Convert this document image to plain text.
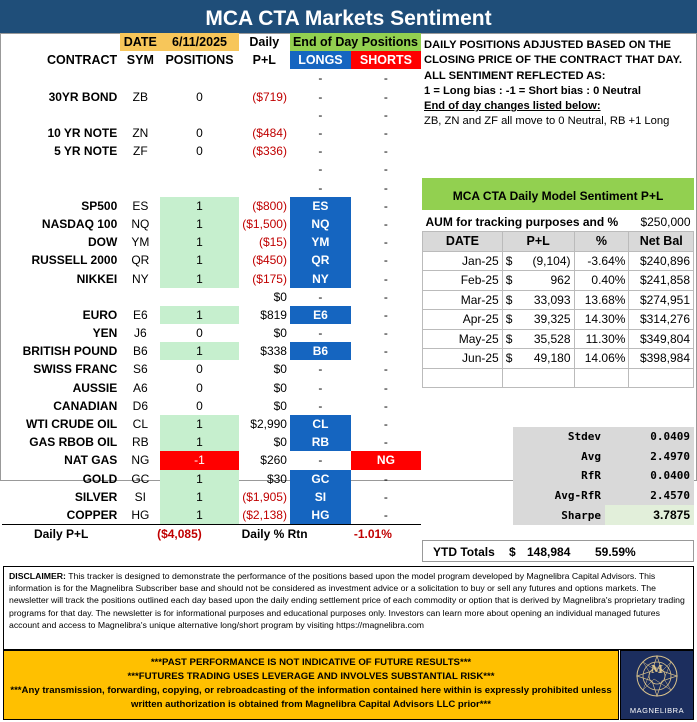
MCA CTA Markets Sentiment
	DATE	6/11/2025	Daily	End of Day Positions	
CONTRACT	SYM	POSITIONS	P+L	LONGS	SHORTS
				-	-
30YR BOND	ZB	0	($719)	-	-
				-	-
10 YR NOTE	ZN	0	($484)	-	-
5 YR NOTE	ZF	0	($336)	-	-
				-	-
				-	-
SP500	ES	1	($800)	ES	-
NASDAQ 100	NQ	1	($1,500)	NQ	-
DOW	YM	1	($15)	YM	-
RUSSELL 2000	QR	1	($450)	QR	-
NIKKEI	NY	1	($175)	NY	-
			$0	-	-
EURO	E6	1	$819	E6	-
YEN	J6	0	$0	-	-
BRITISH POUND	B6	1	$338	B6	-
SWISS FRANC	S6	0	$0	-	-
AUSSIE	A6	0	$0	-	-
CANADIAN	D6	0	$0	-	-
WTI CRUDE OIL	CL	1	$2,990	CL	-
GAS RBOB OIL	RB	1	$0	RB	-
NAT GAS	NG	-1	$260	-	NG
GOLD	GC	1	$30	GC	-
SILVER	SI	1	($1,905)	SI	-
COPPER	HG	1	($2,138)	HG	-
Daily P+L	($4,085)		Daily % Rtn		-1.01%
DAILY POSITIONS ADJUSTED BASED ON THE CLOSING PRICE OF THE CONTRACT THAT DAY.
ALL SENTIMENT REFLECTED AS:
1 = Long bias : -1 = Short bias : 0 Neutral
End of day changes listed below:
ZB, ZN and ZF all move to 0 Neutral, RB +1 Long
MCA CTA Daily Model Sentiment P+L
AUM for tracking purposes and %			$250,000
DATE	P+L	%	Net Bal
Jan-25	$ (9,104)	-3.64%	$240,896
Feb-25	$ 962	0.40%	$241,858
Mar-25	$ 33,093	13.68%	$274,951
Apr-25	$ 39,325	14.30%	$314,276
May-25	$ 35,528	11.30%	$349,804
Jun-25	$ 49,180	14.06%	$398,984

Stdev	0.0409
Avg	2.4970
RfR	0.0400
Avg-RfR	2.4570
Sharpe	3.7875
YTD Totals $ 148,984 59.59%
DISCLAIMER: This tracker is designed to demonstrate the performance of the positions based upon the model program developed by Magnelibra Capital Advisors. This information is for the Magnelibra Subscriber base and should not be considered as investment advice or a solicitation to buy or sell any futures and options markets. The newsletter will track the positions outlined each day based upon the daily ending settlement price of each commodity or option that is derived by Magnelibra's proprietary trading programs for that day. The newsletter is for informational purposes and educational purposes only. Investors can learn more about opening an individual managed futures account and access to Magnelibra's unique alternative long/short program by visiting https://magnelibra.com
***PAST PERFORMANCE IS NOT INDICATIVE OF FUTURE RESULTS***
***FUTURES TRADING USES LEVERAGE AND INVOLVES SUBSTANTIAL RISK***
***Any transmission, forwarding, copying, or rebroadcasting of the information contained here within is expressly prohibited unless written authorization is obtained from Magnelibra Capital Advisors LLC prior***
M
MAGNELIBRA
